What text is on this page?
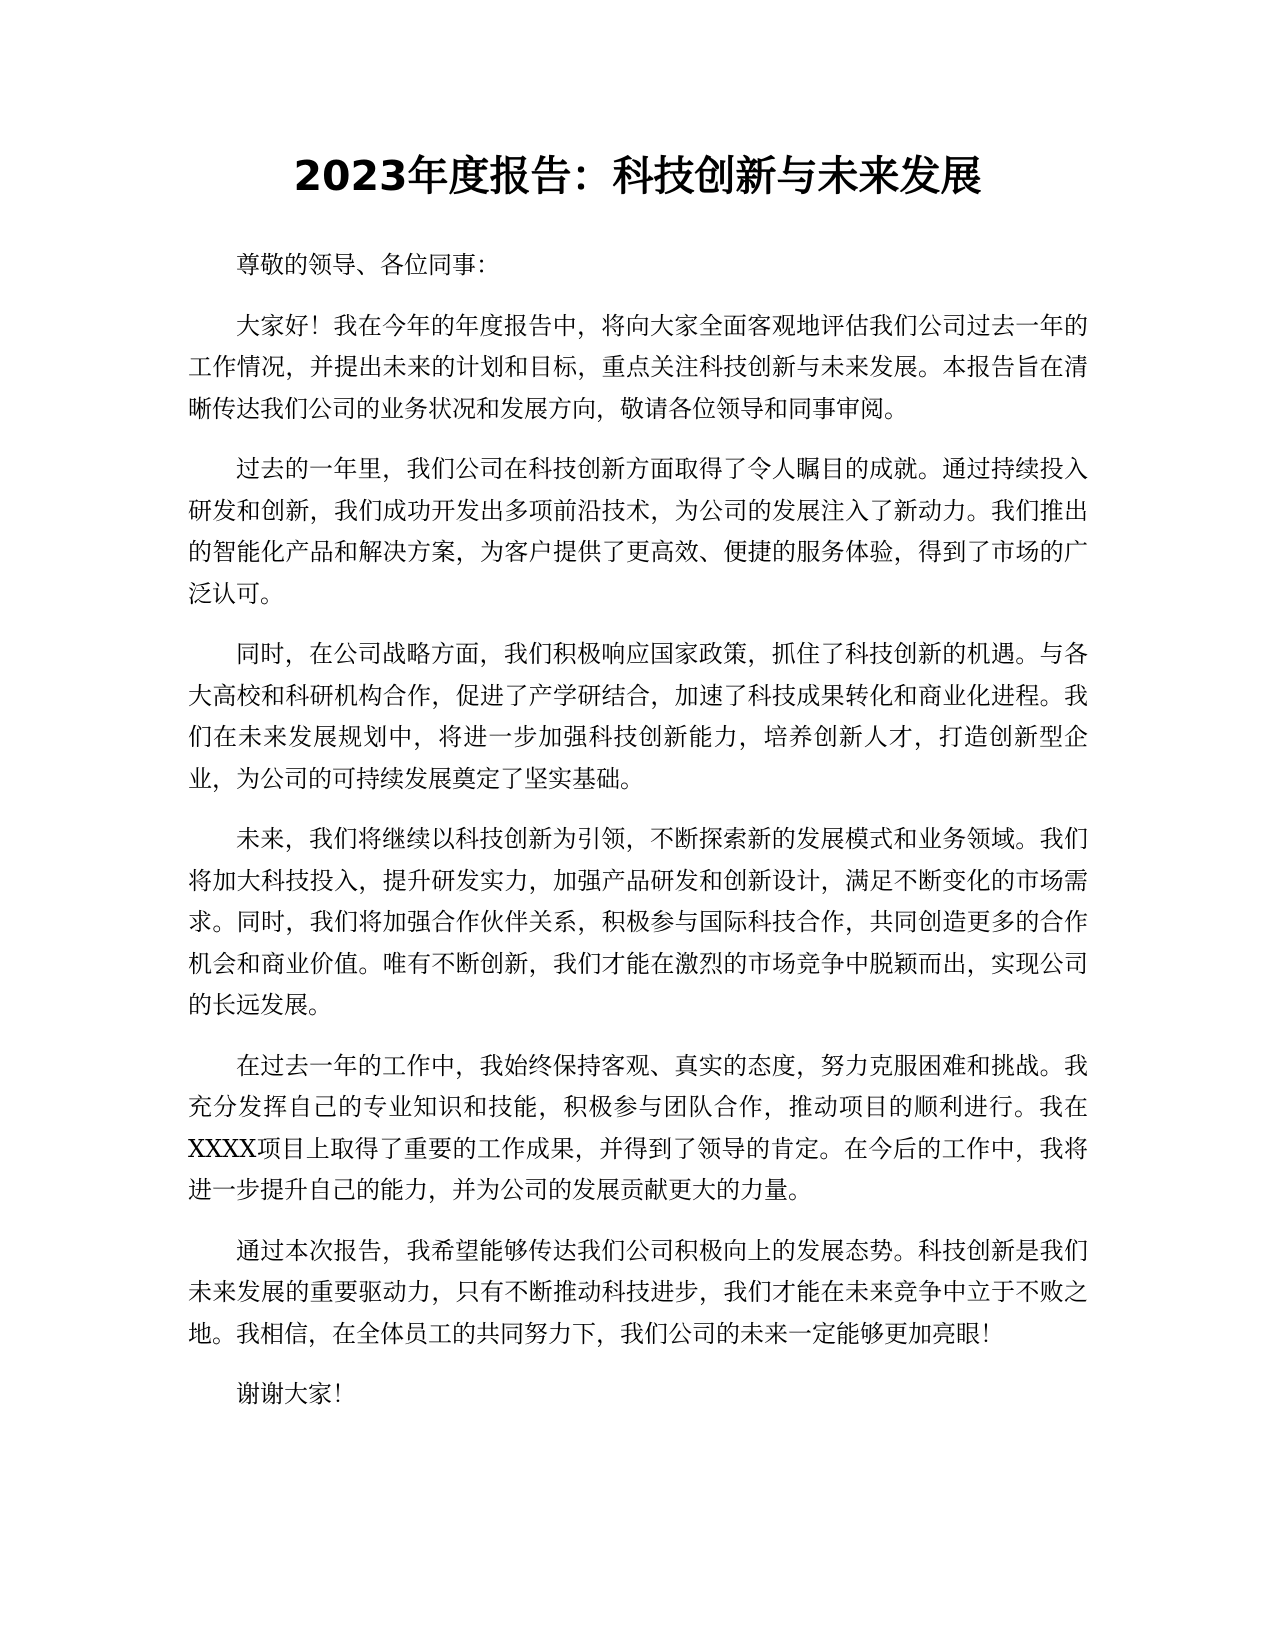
2023年度报告：科技创新与未来发展

尊敬的领导、各位同事：

大家好！我在今年的年度报告中，将向大家全面客观地评估我们公司过去一年的工作情况，并提出未来的计划和目标，重点关注科技创新与未来发展。本报告旨在清晰传达我们公司的业务状况和发展方向，敬请各位领导和同事审阅。

过去的一年里，我们公司在科技创新方面取得了令人瞩目的成就。通过持续投入研发和创新，我们成功开发出多项前沿技术，为公司的发展注入了新动力。我们推出的智能化产品和解决方案，为客户提供了更高效、便捷的服务体验，得到了市场的广泛认可。

同时，在公司战略方面，我们积极响应国家政策，抓住了科技创新的机遇。与各大高校和科研机构合作，促进了产学研结合，加速了科技成果转化和商业化进程。我们在未来发展规划中，将进一步加强科技创新能力，培养创新人才，打造创新型企业，为公司的可持续发展奠定了坚实基础。

未来，我们将继续以科技创新为引领，不断探索新的发展模式和业务领域。我们将加大科技投入，提升研发实力，加强产品研发和创新设计，满足不断变化的市场需求。同时，我们将加强合作伙伴关系，积极参与国际科技合作，共同创造更多的合作机会和商业价值。唯有不断创新，我们才能在激烈的市场竞争中脱颖而出，实现公司的长远发展。

在过去一年的工作中，我始终保持客观、真实的态度，努力克服困难和挑战。我充分发挥自己的专业知识和技能，积极参与团队合作，推动项目的顺利进行。我在XXXX项目上取得了重要的工作成果，并得到了领导的肯定。在今后的工作中，我将进一步提升自己的能力，并为公司的发展贡献更大的力量。

通过本次报告，我希望能够传达我们公司积极向上的发展态势。科技创新是我们未来发展的重要驱动力，只有不断推动科技进步，我们才能在未来竞争中立于不败之地。我相信，在全体员工的共同努力下，我们公司的未来一定能够更加亮眼！

谢谢大家！
